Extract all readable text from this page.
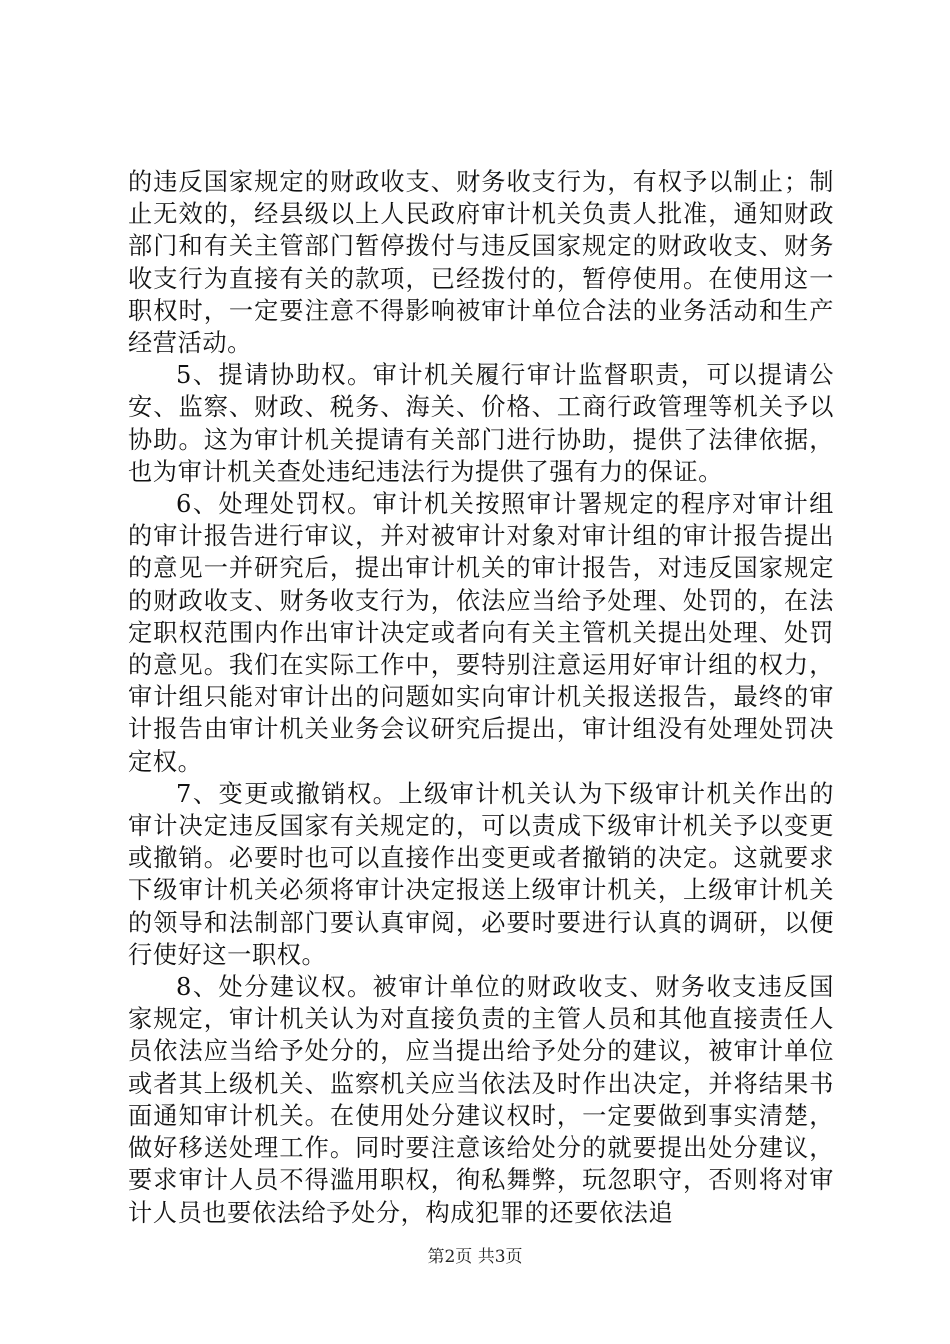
的违反国家规定的财政收支、财务收支行为，有权予以制止；制止无效的，经县级以上人民政府审计机关负责人批准，通知财政部门和有关主管部门暂停拨付与违反国家规定的财政收支、财务收支行为直接有关的款项，已经拨付的，暂停使用。在使用这一职权时，一定要注意不得影响被审计单位合法的业务活动和生产经营活动。

5、提请协助权。审计机关履行审计监督职责，可以提请公安、监察、财政、税务、海关、价格、工商行政管理等机关予以协助。这为审计机关提请有关部门进行协助，提供了法律依据，也为审计机关查处违纪违法行为提供了强有力的保证。

6、处理处罚权。审计机关按照审计署规定的程序对审计组的审计报告进行审议，并对被审计对象对审计组的审计报告提出的意见一并研究后，提出审计机关的审计报告，对违反国家规定的财政收支、财务收支行为，依法应当给予处理、处罚的，在法定职权范围内作出审计决定或者向有关主管机关提出处理、处罚的意见。我们在实际工作中，要特别注意运用好审计组的权力，审计组只能对审计出的问题如实向审计机关报送报告，最终的审计报告由审计机关业务会议研究后提出，审计组没有处理处罚决定权。

7、变更或撤销权。上级审计机关认为下级审计机关作出的审计决定违反国家有关规定的，可以责成下级审计机关予以变更或撤销。必要时也可以直接作出变更或者撤销的决定。这就要求下级审计机关必须将审计决定报送上级审计机关，上级审计机关的领导和法制部门要认真审阅，必要时要进行认真的调研，以便行使好这一职权。

8、处分建议权。被审计单位的财政收支、财务收支违反国家规定，审计机关认为对直接负责的主管人员和其他直接责任人员依法应当给予处分的，应当提出给予处分的建议，被审计单位或者其上级机关、监察机关应当依法及时作出决定，并将结果书面通知审计机关。在使用处分建议权时，一定要做到事实清楚，做好移送处理工作。同时要注意该给处分的就要提出处分建议，要求审计人员不得滥用职权，徇私舞弊，玩忽职守，否则将对审计人员也要依法给予处分，构成犯罪的还要依法追

第2页 共3页
